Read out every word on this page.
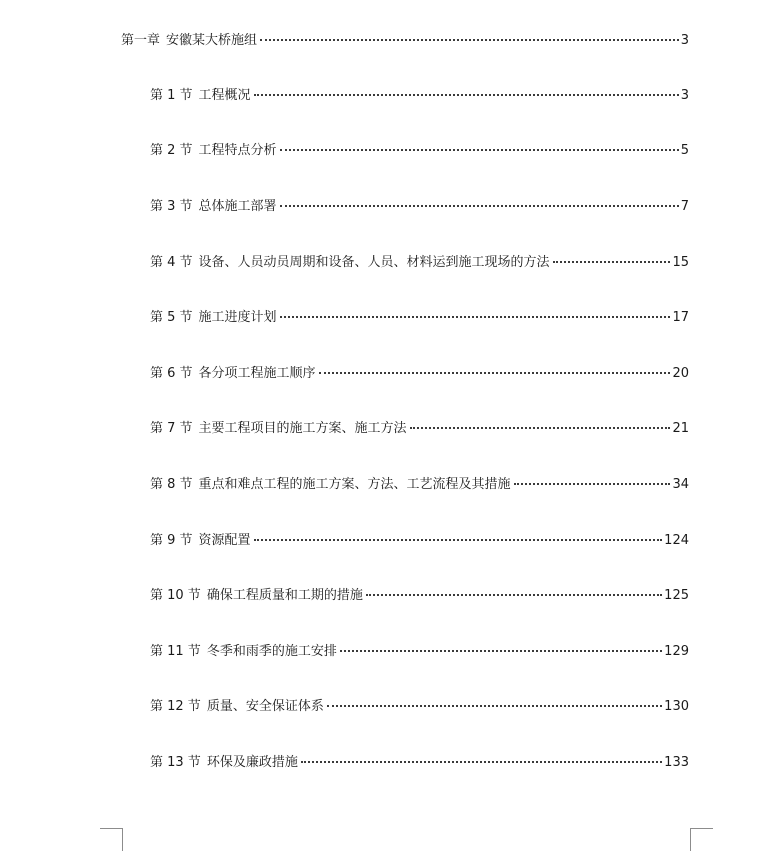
第一章 安徽某大桥施组	3
第 1 节 工程概况	3
第 2 节 工程特点分析	5
第 3 节 总体施工部署	7
第 4 节 设备、人员动员周期和设备、人员、材料运到施工现场的方法	15
第 5 节 施工进度计划	17
第 6 节 各分项工程施工顺序	20
第 7 节 主要工程项目的施工方案、施工方法	21
第 8 节 重点和难点工程的施工方案、方法、工艺流程及其措施	34
第 9 节 资源配置	124
第 10 节 确保工程质量和工期的措施	125
第 11 节 冬季和雨季的施工安排	129
第 12 节 质量、安全保证体系	130
第 13 节 环保及廉政措施	133
